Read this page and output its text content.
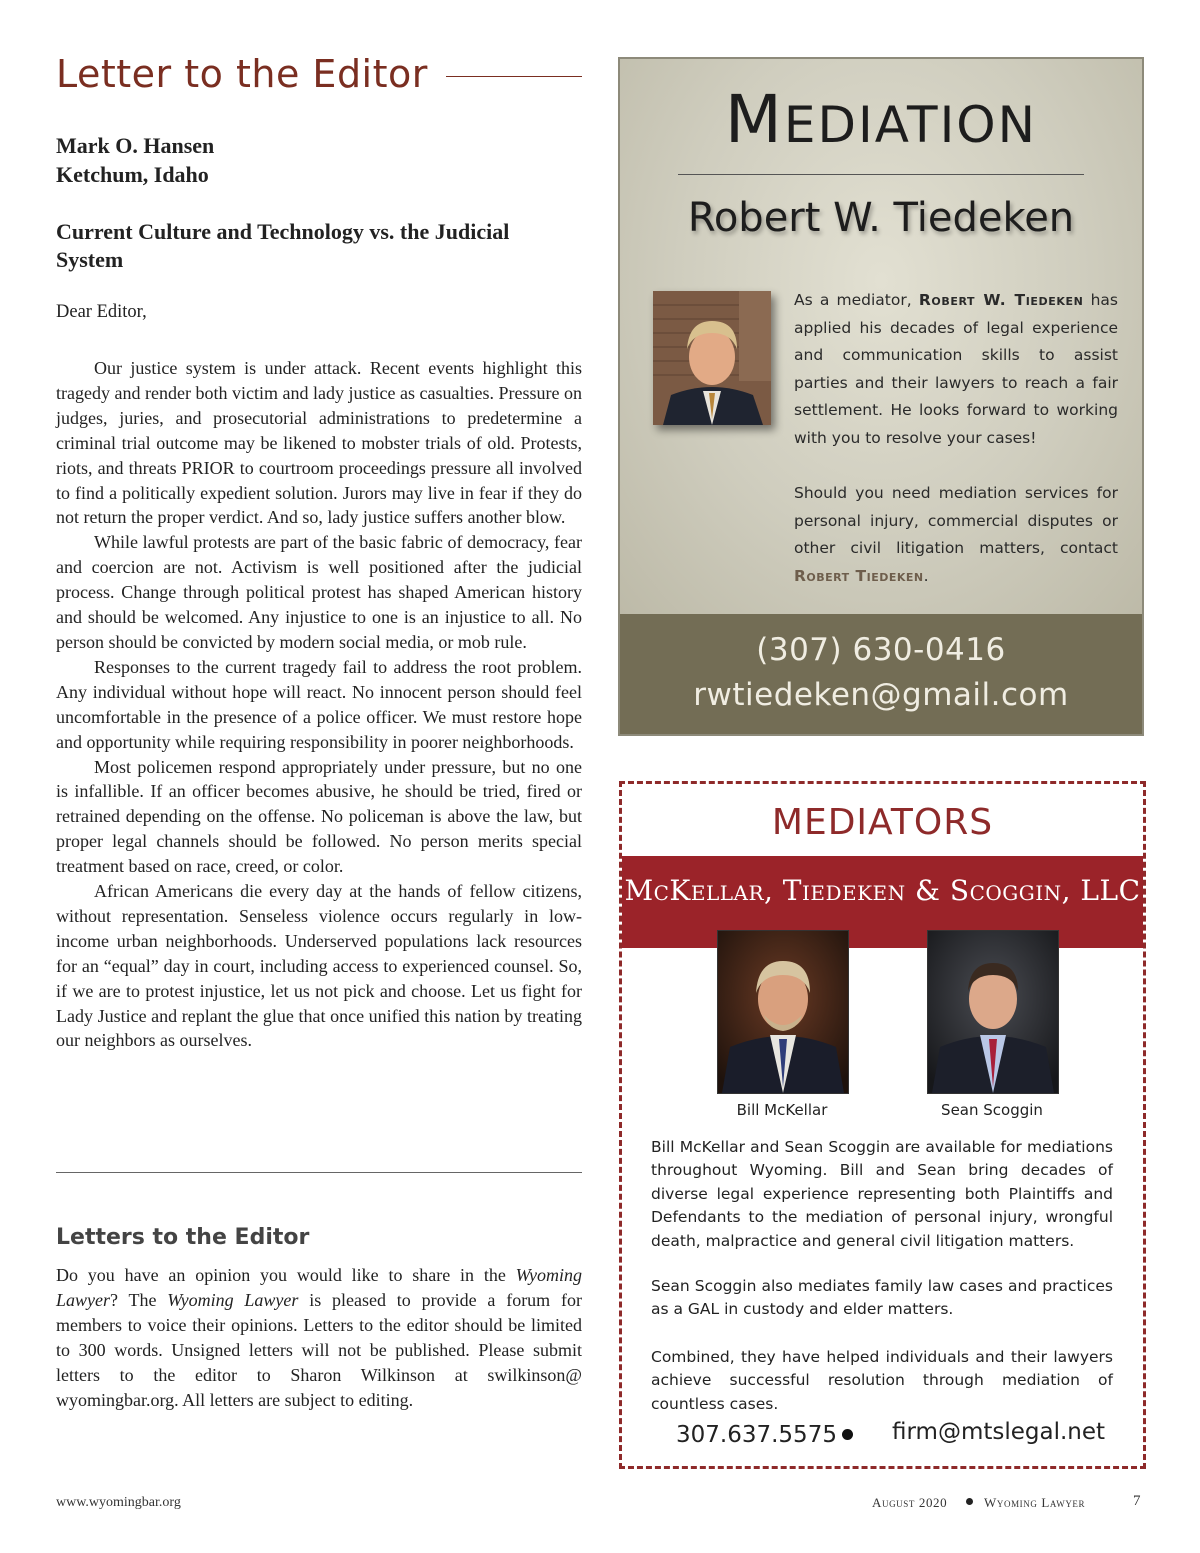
Letter to the Editor
Mark O. Hansen
Ketchum, Idaho
Current Culture and Technology vs. the Judicial System
Dear Editor,

Our justice system is under attack. Recent events highlight this tragedy and render both victim and lady justice as casualties. Pressure on judges, juries, and prosecutorial administrations to predetermine a criminal trial outcome may be likened to mobster trials of old. Protests, riots, and threats PRIOR to courtroom proceedings pressure all involved to find a politically expedient solution. Jurors may live in fear if they do not return the proper verdict. And so, lady justice suffers another blow.

While lawful protests are part of the basic fabric of democracy, fear and coercion are not. Activism is well positioned after the judicial process. Change through political protest has shaped American history and should be welcomed. Any injustice to one is an injustice to all. No person should be convicted by modern social media, or mob rule.

Responses to the current tragedy fail to address the root problem. Any individual without hope will react. No innocent person should feel uncomfortable in the presence of a police officer. We must restore hope and opportunity while requiring responsibility in poorer neighborhoods.

Most policemen respond appropriately under pressure, but no one is infallible. If an officer becomes abusive, he should be tried, fired or retrained depending on the offense. No policeman is above the law, but proper legal channels should be followed. No person merits special treatment based on race, creed, or color.

African Americans die every day at the hands of fellow citizens, without representation. Senseless violence occurs regularly in low-income urban neighborhoods. Underserved populations lack resources for an “equal” day in court, including access to experienced counsel. So, if we are to protest injustice, let us not pick and choose. Let us fight for Lady Justice and replant the glue that once unified this nation by treating our neighbors as ourselves.

Letters to the Editor

Do you have an opinion you would like to share in the Wyoming Lawyer? The Wyoming Lawyer is pleased to provide a forum for members to voice their opinions. Letters to the editor should be limited to 300 words. Unsigned letters will not be published. Please submit letters to the editor to Sharon Wilkinson at swilkinson@ wyomingbar.org. All letters are subject to editing.

MEDIATION
Robert W. Tiedeken

As a mediator, Robert W. Tiedeken has applied his decades of legal experience and communication skills to assist parties and their lawyers to reach a fair settlement. He looks forward to working with you to resolve your cases!

Should you need mediation services for personal injury, commercial disputes or other civil litigation matters, contact Robert Tiedeken.

(307) 630-0416
rwtiedeken@gmail.com
MEDIATORS
McKellar, Tiedeken & Scoggin, LLC
Bill McKellar	Sean Scoggin

Bill McKellar and Sean Scoggin are available for mediations throughout Wyoming. Bill and Sean bring decades of diverse legal experience representing both Plaintiffs and Defendants to the mediation of personal injury, wrongful death, malpractice and general civil litigation matters.

Sean Scoggin also mediates family law cases and practices as a GAL in custody and elder matters.

Combined, they have helped individuals and their lawyers achieve successful resolution through mediation of countless cases.

307.637.5575 firm@mtslegal.net
www.wyomingbar.org	August 2020	Wyoming Lawyer	7
